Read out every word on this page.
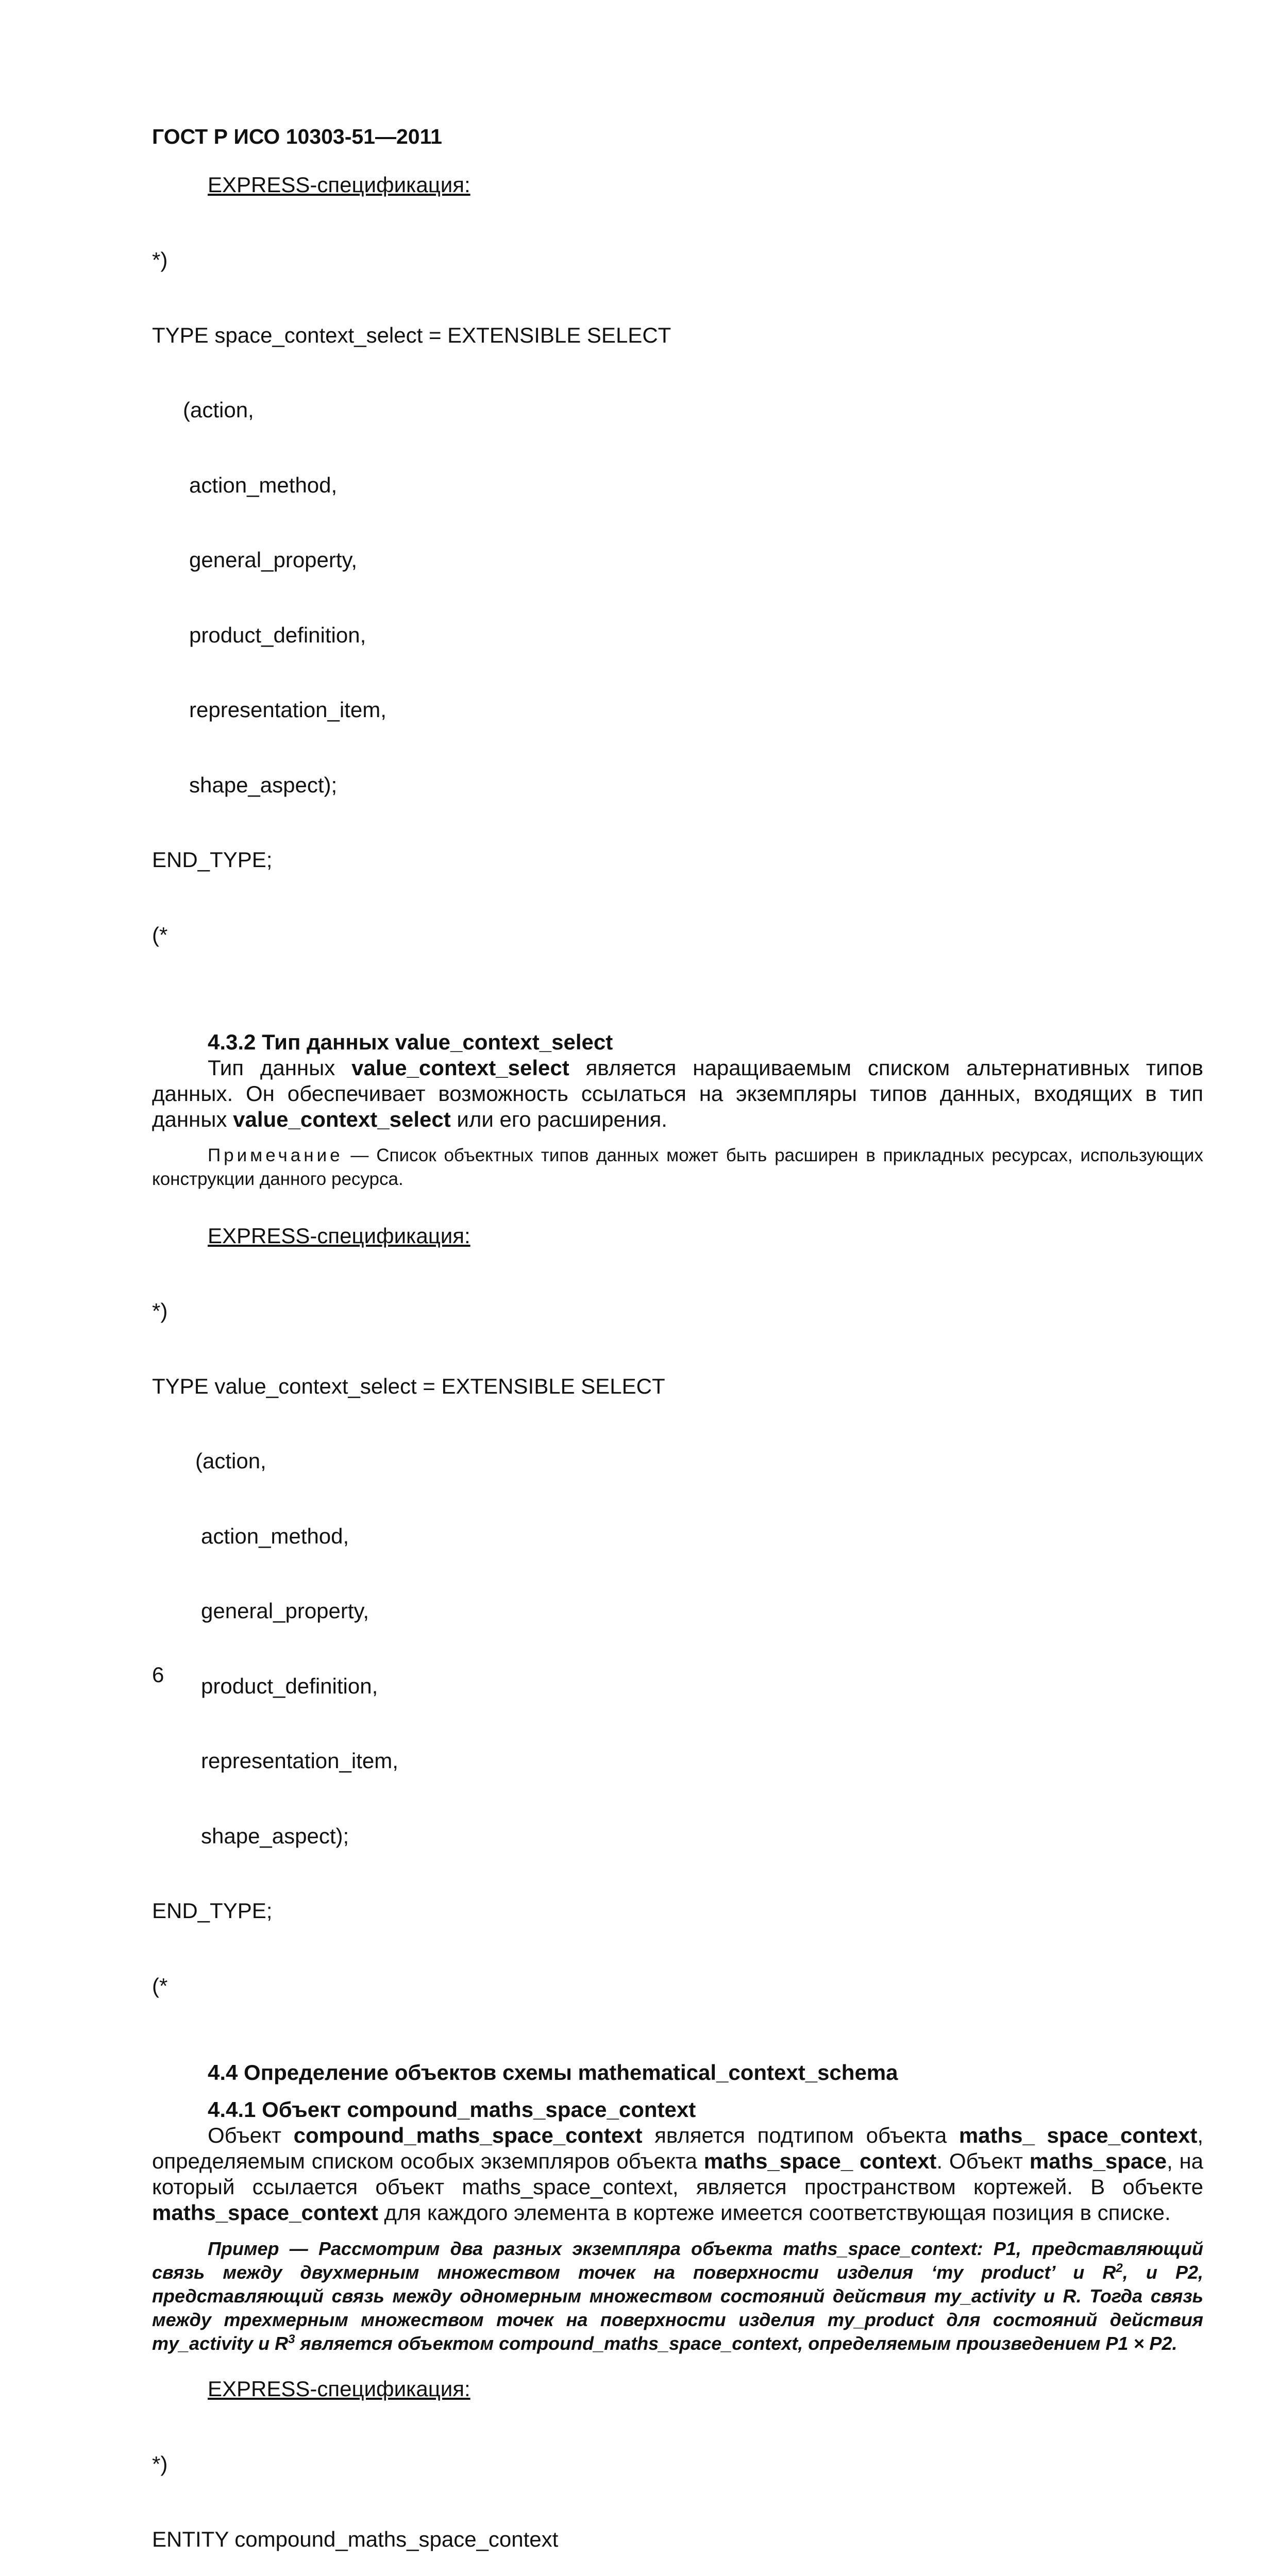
ГОСТ Р ИСО 10303-51—2011

EXPRESS-спецификация:

*)

TYPE space_context_select = EXTENSIBLE SELECT

(action,

action_method,

general_property,

product_definition,

representation_item,

shape_aspect);

END_TYPE;

(*

4.3.2 Тип данных value_context_select

Тип данных value_context_select является наращиваемым списком альтернативных типов данных. Он обеспечивает возможность ссылаться на экземпляры типов данных, входящих в тип данных value_context_select или его расширения.

Примечание — Список объектных типов данных может быть расширен в прикладных ресурсах, использующих конструкции данного ресурса.

EXPRESS-спецификация:

*)

TYPE value_context_select = EXTENSIBLE SELECT

(action,

action_method,

general_property,

product_definition,

representation_item,

shape_aspect);

END_TYPE;

(*

4.4 Определение объектов схемы mathematical_context_schema

4.4.1 Объект compound_maths_space_context

Объект compound_maths_space_context является подтипом объекта maths_ space_context, определяемым списком особых экземпляров объекта maths_space_ context. Объект maths_space, на который ссылается объект maths_space_context, является пространством кортежей. В объекте maths_space_context для каждого элемента в кортеже имеется соответствующая позиция в списке.

Пример — Рассмотрим два разных экземпляра объекта maths_space_context: P1, представляющий связь между двухмерным множеством точек на поверхности изделия ‘my product’ и $R^2$, и P2, представляющий связь между одномерным множеством состояний действия my_activity и R. Тогда связь между трехмерным множеством точек на поверхности изделия my_product для состояний действия my_activity и $R^3$ является объектом compound_maths_space_context, определяемым произведением P1 × P2.

EXPRESS-спецификация:

*)

ENTITY compound_maths_space_context

6
